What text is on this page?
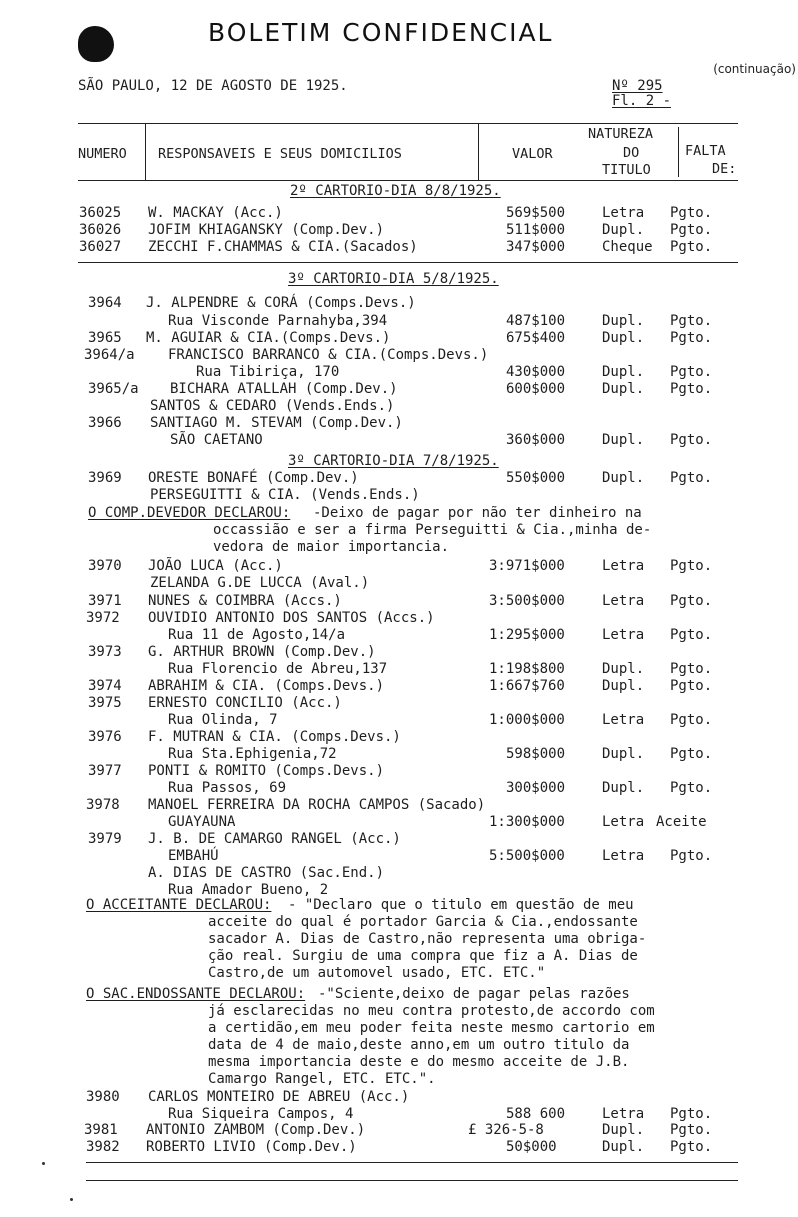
BOLETIM CONFIDENCIAL
(continuação)
SÃO PAULO, 12 DE AGOSTO DE 1925.	Nº 295
Fl. 2 -
NUMERO RESPONSAVEIS E SEUS DOMICILIOS	VALOR
NATUREZA
DO
TITULO
FALTA
DE:
2º CARTORIO-DIA 8/8/1925.
3º CARTORIO-DIA 5/8/1925.
3º CARTORIO-DIA 7/8/1925.
36025 W. MACKAY (Acc.)	569$500	Letra Pgto.
36026 JOFIM KHIAGANSKY (Comp.Dev.)	511$000	Dupl. Pgto.
36027 ZECCHI F.CHAMMAS & CIA.(Sacados)	347$000	Cheque Pgto.
3964 J. ALPENDRE & CORÁ (Comps.Devs.)
Rua Visconde Parnahyba,394	487$100	Dupl. Pgto.
3965 M. AGUIAR & CIA.(Comps.Devs.)	675$400	Dupl. Pgto.
3964/a FRANCISCO BARRANCO & CIA.(Comps.Devs.)
Rua Tibiriça, 170	430$000	Dupl. Pgto.
3965/a BICHARA ATALLAH (Comp.Dev.)	600$000	Dupl. Pgto.
SANTOS & CEDARO (Vends.Ends.)
3966 SANTIAGO M. STEVAM (Comp.Dev.)
SÃO CAETANO	360$000	Dupl. Pgto.
3969 ORESTE BONAFÉ (Comp.Dev.)	550$000	Dupl. Pgto.
PERSEGUITTI & CIA. (Vends.Ends.)
3970 JOÃO LUCA (Acc.)	3:971$000	Letra Pgto.
ZELANDA G.DE LUCCA (Aval.)
3971 NUNES & COIMBRA (Accs.)	3:500$000	Letra Pgto.
3972 OUVIDIO ANTONIO DOS SANTOS (Accs.)
Rua 11 de Agosto,14/a	1:295$000	Letra Pgto.
3973 G. ARTHUR BROWN (Comp.Dev.)
Rua Florencio de Abreu,137	1:198$800	Dupl. Pgto.
3974 ABRAHIM & CIA. (Comps.Devs.)	1:667$760	Dupl. Pgto.
3975 ERNESTO CONCILIO (Acc.)
Rua Olinda, 7	1:000$000	Letra Pgto.
3976 F. MUTRAN & CIA. (Comps.Devs.)
Rua Sta.Ephigenia,72	598$000	Dupl. Pgto.
3977 PONTI & ROMITO (Comps.Devs.)
Rua Passos, 69	300$000	Dupl. Pgto.
3978 MANOEL FERREIRA DA ROCHA CAMPOS (Sacado)
GUAYAUNA	1:300$000	Letra Aceite
3979 J. B. DE CAMARGO RANGEL (Acc.)
EMBAHÚ	5:500$000	Letra Pgto.
A. DIAS DE CASTRO (Sac.End.)
Rua Amador Bueno, 2
3980 CARLOS MONTEIRO DE ABREU (Acc.)
Rua Siqueira Campos, 4	588 600	Letra Pgto.
3981 ANTONIO ZAMBOM (Comp.Dev.)	£ 326-5-8	Dupl. Pgto.
3982 ROBERTO LIVIO (Comp.Dev.)	50$000	Dupl. Pgto.
O COMP.DEVEDOR DECLAROU: -Deixo de pagar por não ter dinheiro na
occassião e ser a firma Perseguitti & Cia.,minha de-
vedora de maior importancia.
O ACCEITANTE DECLAROU: - "Declaro que o titulo em questão de meu
acceite do qual é portador Garcia & Cia.,endossante
sacador A. Dias de Castro,não representa uma obriga-
ção real. Surgiu de uma compra que fiz a A. Dias de
Castro,de um automovel usado, ETC. ETC."
O SAC.ENDOSSANTE DECLAROU: -"Sciente,deixo de pagar pelas razões
já esclarecidas no meu contra protesto,de accordo com
a certidão,em meu poder feita neste mesmo cartorio em
data de 4 de maio,deste anno,em um outro titulo da
mesma importancia deste e do mesmo acceite de J.B.
Camargo Rangel, ETC. ETC.".
